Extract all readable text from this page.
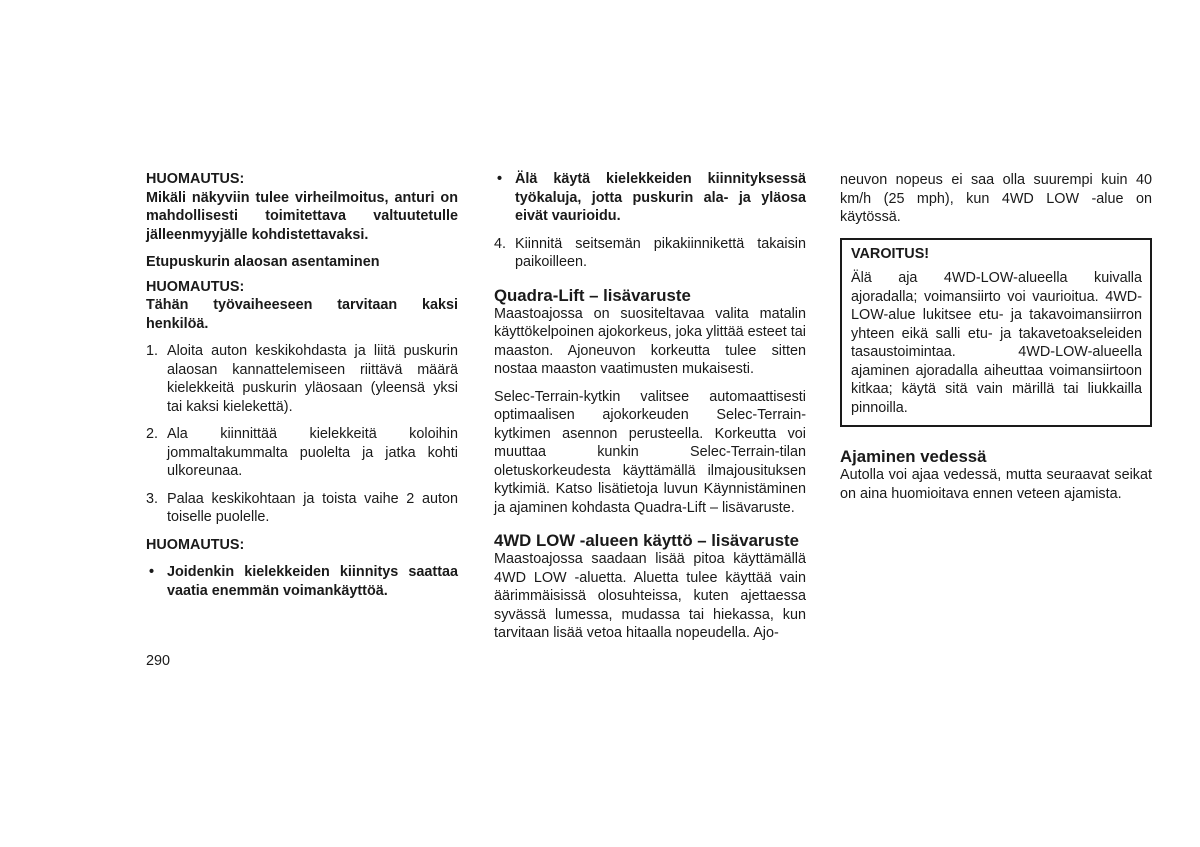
HUOMAUTUS:

Mikäli näkyviin tulee virheilmoitus, anturi on mahdollisesti toimitettava valtuutetulle jälleenmyyjälle kohdistettavaksi.

Etupuskurin alaosan asentaminen

HUOMAUTUS:

Tähän työvaiheeseen tarvitaan kaksi henkilöä.

1. Aloita auton keskikohdasta ja liitä puskurin alaosan kannattelemiseen riittävä määrä kielekkeitä puskurin yläosaan (yleensä yksi tai kaksi kielekettä).
2. Ala kiinnittää kielekkeitä koloihin jommaltakummalta puolelta ja jatka kohti ulkoreunaa.
3. Palaa keskikohtaan ja toista vaihe 2 auton toiselle puolelle.

HUOMAUTUS:

• Joidenkin kielekkeiden kiinnitys saattaa vaatia enemmän voimankäyttöä.
• Älä käytä kielekkeiden kiinnityksessä työkaluja, jotta puskurin ala- ja yläosa eivät vaurioidu.
4. Kiinnitä seitsemän pikakiinnikettä takaisin paikoilleen.
Quadra-Lift – lisävaruste

Maastoajossa on suositeltavaa valita matalin käyttökelpoinen ajokorkeus, joka ylittää esteet tai maaston. Ajoneuvon korkeutta tulee sitten nostaa maaston vaatimusten mukaisesti.

Selec-Terrain-kytkin valitsee automaattisesti optimaalisen ajokorkeuden Selec-Terrain-kytkimen asennon perusteella. Korkeutta voi muuttaa kunkin Selec-Terrain-tilan oletuskorkeudesta käyttämällä ilmajousituksen kytkimiä. Katso lisätietoja luvun Käynnistäminen ja ajaminen kohdasta Quadra-Lift – lisävaruste.

4WD LOW -alueen käyttö – lisävaruste

Maastoajossa saadaan lisää pitoa käyttämällä 4WD LOW -aluetta. Aluetta tulee käyttää vain äärimmäisissä olosuhteissa, kuten ajettaessa syvässä lumessa, mudassa tai hiekassa, kun tarvitaan lisää vetoa hitaalla nopeudella. Ajo-

neuvon nopeus ei saa olla suurempi kuin 40 km/h (25 mph), kun 4WD LOW -alue on käytössä.

VAROITUS!

Älä aja 4WD-LOW-alueella kuivalla ajoradalla; voimansiirto voi vaurioitua. 4WD-LOW-alue lukitsee etu- ja takavoimansiirron yhteen eikä salli etu- ja takavetoakseleiden tasaustoimintaa. 4WD-LOW-alueella ajaminen ajoradalla aiheuttaa voimansiirtoon kitkaa; käytä sitä vain märillä tai liukkailla pinnoilla.

Ajaminen vedessä

Autolla voi ajaa vedessä, mutta seuraavat seikat on aina huomioitava ennen veteen ajamista.

290
